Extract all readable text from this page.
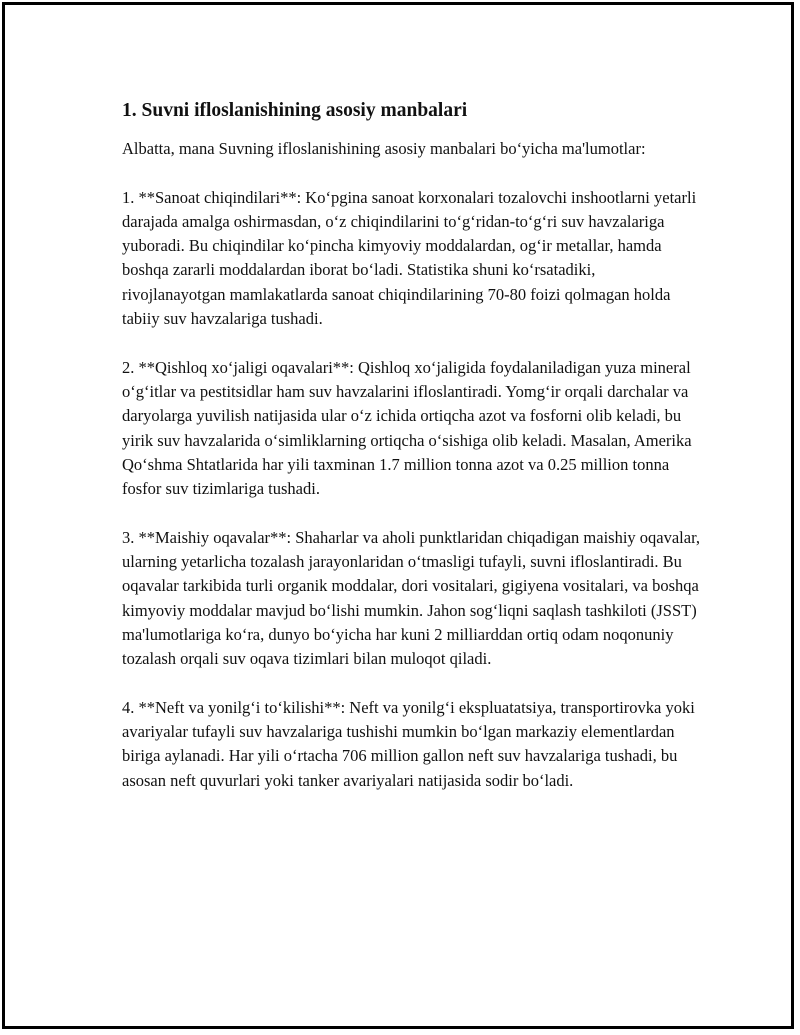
1. Suvni ifloslanishining asosiy manbalari

Albatta, mana Suvning ifloslanishining asosiy manbalari bo‘yicha ma'lumotlar:

1. **Sanoat chiqindilari**: Ko‘pgina sanoat korxonalari tozalovchi inshootlarni yetarli darajada amalga oshirmasdan, o‘z chiqindilarini to‘g‘ridan-to‘g‘ri suv havzalariga yuboradi. Bu chiqindilar ko‘pincha kimyoviy moddalardan, og‘ir metallar, hamda boshqa zararli moddalardan iborat bo‘ladi. Statistika shuni ko‘rsatadiki, rivojlanayotgan mamlakatlarda sanoat chiqindilarining 70-80 foizi qolmagan holda tabiiy suv havzalariga tushadi.

2. **Qishloq xo‘jaligi oqavalari**: Qishloq xo‘jaligida foydalaniladigan yuza mineral o‘g‘itlar va pestitsidlar ham suv havzalarini ifloslantiradi. Yomg‘ir orqali darchalar va daryolarga yuvilish natijasida ular o‘z ichida ortiqcha azot va fosforni olib keladi, bu yirik suv havzalarida o‘simliklarning ortiqcha o‘sishiga olib keladi. Masalan, Amerika Qo‘shma Shtatlarida har yili taxminan 1.7 million tonna azot va 0.25 million tonna fosfor suv tizimlariga tushadi.

3. **Maishiy oqavalar**: Shaharlar va aholi punktlaridan chiqadigan maishiy oqavalar, ularning yetarlicha tozalash jarayonlaridan o‘tmasligi tufayli, suvni ifloslantiradi. Bu oqavalar tarkibida turli organik moddalar, dori vositalari, gigiyena vositalari, va boshqa kimyoviy moddalar mavjud bo‘lishi mumkin. Jahon sog‘liqni saqlash tashkiloti (JSST) ma'lumotlariga ko‘ra, dunyo bo‘yicha har kuni 2 milliarddan ortiq odam noqonuniy tozalash orqali suv oqava tizimlari bilan muloqot qiladi.

4. **Neft va yonilg‘i to‘kilishi**: Neft va yonilg‘i ekspluatatsiya, transportirovka yoki avariyalar tufayli suv havzalariga tushishi mumkin bo‘lgan markaziy elementlardan biriga aylanadi. Har yili o‘rtacha 706 million gallon neft suv havzalariga tushadi, bu asosan neft quvurlari yoki tanker avariyalari natijasida sodir bo‘ladi.
